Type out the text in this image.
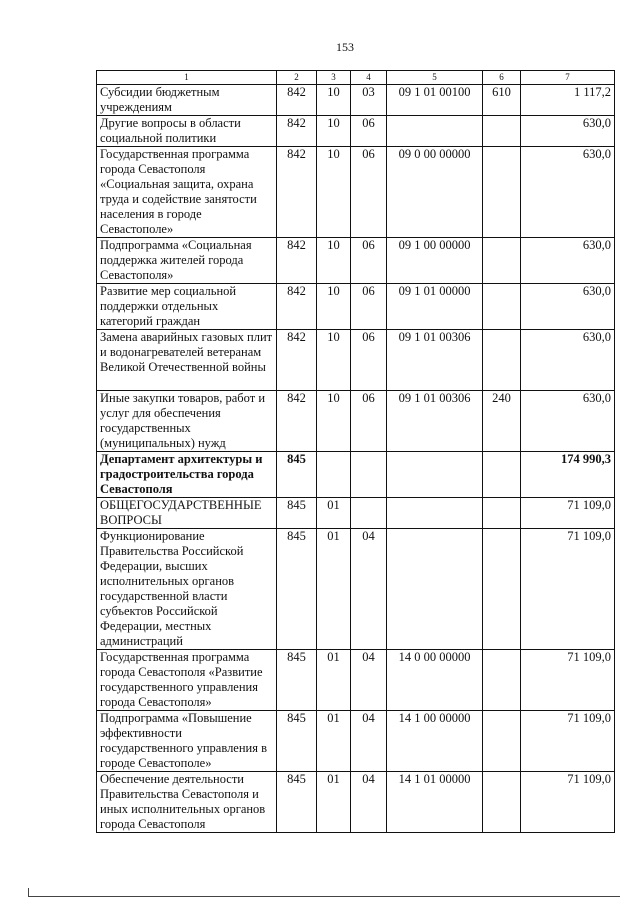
153
1	2	3	4	5	6	7
Субсидии бюджетным учреждениям	842	10	03	09 1 01 00100	610	1 117,2
Другие вопросы в области социальной политики	842	10	06			630,0
Государственная программа города Севастополя «Социальная защита, охрана труда и содействие занятости населения в городе Севастополе»	842	10	06	09 0 00 00000		630,0
Подпрограмма «Социальная поддержка жителей города Севастополя»	842	10	06	09 1 00 00000		630,0
Развитие мер социальной поддержки отдельных категорий граждан	842	10	06	09 1 01 00000		630,0
Замена аварийных газовых плит и водонагревателей ветеранам Великой Отечественной войны	842	10	06	09 1 01 00306		630,0
Иные закупки товаров, работ и услуг для обеспечения государственных (муниципальных) нужд	842	10	06	09 1 01 00306	240	630,0
Департамент архитектуры и градостроительства города Севастополя	845					174 990,3
ОБЩЕГОСУДАРСТВЕННЫЕ ВОПРОСЫ	845	01				71 109,0
Функционирование Правительства Российской Федерации, высших исполнительных органов государственной власти субъектов Российской Федерации, местных администраций	845	01	04			71 109,0
Государственная программа города Севастополя «Развитие государственного управления города Севастополя»	845	01	04	14 0 00 00000		71 109,0
Подпрограмма «Повышение эффективности государственного управления в городе Севастополе»	845	01	04	14 1 00 00000		71 109,0
Обеспечение деятельности Правительства Севастополя и иных исполнительных органов города Севастополя	845	01	04	14 1 01 00000		71 109,0
